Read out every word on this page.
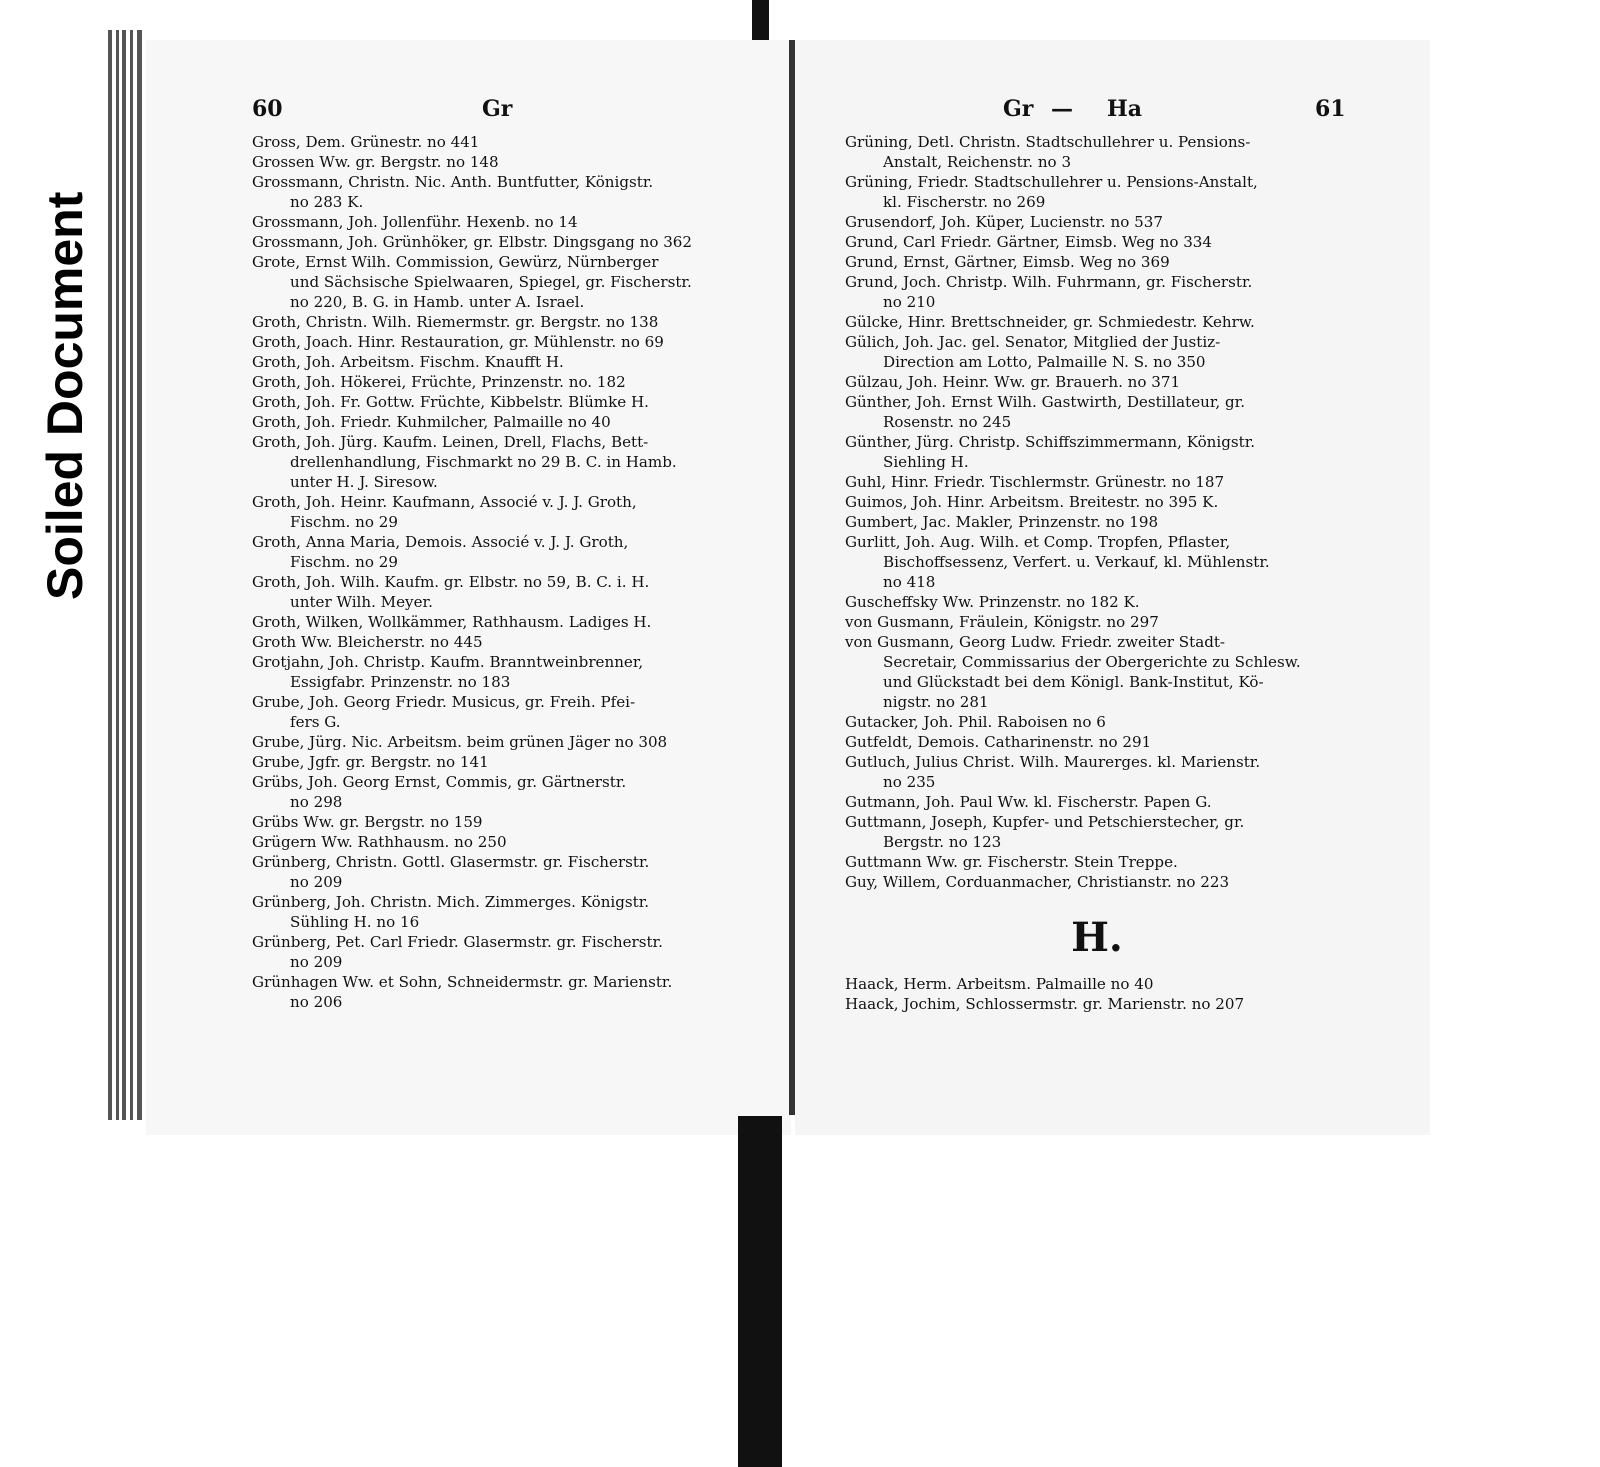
Soiled Document
60	Gr

Gross, Dem. Grünestr. no 441

Grossen Ww. gr. Bergstr. no 148

Grossmann, Christn. Nic. Anth. Buntfutter, Königstr.
no 283 K.

Grossmann, Joh. Jollenführ. Hexenb. no 14

Grossmann, Joh. Grünhöker, gr. Elbstr. Dingsgang no 362

Grote, Ernst Wilh. Commission, Gewürz, Nürnberger
und Sächsische Spielwaaren, Spiegel, gr. Fischerstr.
no 220, B. G. in Hamb. unter A. Israel.

Groth, Christn. Wilh. Riemermstr. gr. Bergstr. no 138

Groth, Joach. Hinr. Restauration, gr. Mühlenstr. no 69

Groth, Joh. Arbeitsm. Fischm. Knaufft H.

Groth, Joh. Hökerei, Früchte, Prinzenstr. no. 182

Groth, Joh. Fr. Gottw. Früchte, Kibbelstr. Blümke H.

Groth, Joh. Friedr. Kuhmilcher, Palmaille no 40

Groth, Joh. Jürg. Kaufm. Leinen, Drell, Flachs, Bett-
drellenhandlung, Fischmarkt no 29 B. C. in Hamb.
unter H. J. Siresow.

Groth, Joh. Heinr. Kaufmann, Associé v. J. J. Groth,
Fischm. no 29

Groth, Anna Maria, Demois. Associé v. J. J. Groth,
Fischm. no 29

Groth, Joh. Wilh. Kaufm. gr. Elbstr. no 59, B. C. i. H.
unter Wilh. Meyer.

Groth, Wilken, Wollkämmer, Rathhausm. Ladiges H.

Groth Ww. Bleicherstr. no 445

Grotjahn, Joh. Christp. Kaufm. Branntweinbrenner,
Essigfabr. Prinzenstr. no 183

Grube, Joh. Georg Friedr. Musicus, gr. Freih. Pfei-
fers G.

Grube, Jürg. Nic. Arbeitsm. beim grünen Jäger no 308

Grube, Jgfr. gr. Bergstr. no 141

Grübs, Joh. Georg Ernst, Commis, gr. Gärtnerstr.
no 298

Grübs Ww. gr. Bergstr. no 159

Grügern Ww. Rathhausm. no 250

Grünberg, Christn. Gottl. Glasermstr. gr. Fischerstr.
no 209

Grünberg, Joh. Christn. Mich. Zimmerges. Königstr.
Sühling H. no 16

Grünberg, Pet. Carl Friedr. Glasermstr. gr. Fischerstr.
no 209

Grünhagen Ww. et Sohn, Schneidermstr. gr. Marienstr.
no 206

Gr — Ha	61

Grüning, Detl. Christn. Stadtschullehrer u. Pensions-
Anstalt, Reichenstr. no 3

Grüning, Friedr. Stadtschullehrer u. Pensions-Anstalt,
kl. Fischerstr. no 269

Grusendorf, Joh. Küper, Lucienstr. no 537

Grund, Carl Friedr. Gärtner, Eimsb. Weg no 334

Grund, Ernst, Gärtner, Eimsb. Weg no 369

Grund, Joch. Christp. Wilh. Fuhrmann, gr. Fischerstr.
no 210

Gülcke, Hinr. Brettschneider, gr. Schmiedestr. Kehrw.

Gülich, Joh. Jac. gel. Senator, Mitglied der Justiz-
Direction am Lotto, Palmaille N. S. no 350

Gülzau, Joh. Heinr. Ww. gr. Brauerh. no 371

Günther, Joh. Ernst Wilh. Gastwirth, Destillateur, gr.
Rosenstr. no 245

Günther, Jürg. Christp. Schiffszimmermann, Königstr.
Siehling H.

Guhl, Hinr. Friedr. Tischlermstr. Grünestr. no 187

Guimos, Joh. Hinr. Arbeitsm. Breitestr. no 395 K.

Gumbert, Jac. Makler, Prinzenstr. no 198

Gurlitt, Joh. Aug. Wilh. et Comp. Tropfen, Pflaster,
Bischoffsessenz, Verfert. u. Verkauf, kl. Mühlenstr.
no 418

Guscheffsky Ww. Prinzenstr. no 182 K.

von Gusmann, Fräulein, Königstr. no 297

von Gusmann, Georg Ludw. Friedr. zweiter Stadt-
Secretair, Commissarius der Obergerichte zu Schlesw.
und Glückstadt bei dem Königl. Bank-Institut, Kö-
nigstr. no 281

Gutacker, Joh. Phil. Raboisen no 6

Gutfeldt, Demois. Catharinenstr. no 291

Gutluch, Julius Christ. Wilh. Maurerges. kl. Marienstr.
no 235

Gutmann, Joh. Paul Ww. kl. Fischerstr. Papen G.

Guttmann, Joseph, Kupfer- und Petschierstecher, gr.
Bergstr. no 123

Guttmann Ww. gr. Fischerstr. Stein Treppe.

Guy, Willem, Corduanmacher, Christianstr. no 223

H.

Haack, Herm. Arbeitsm. Palmaille no 40

Haack, Jochim, Schlossermstr. gr. Marienstr. no 207
